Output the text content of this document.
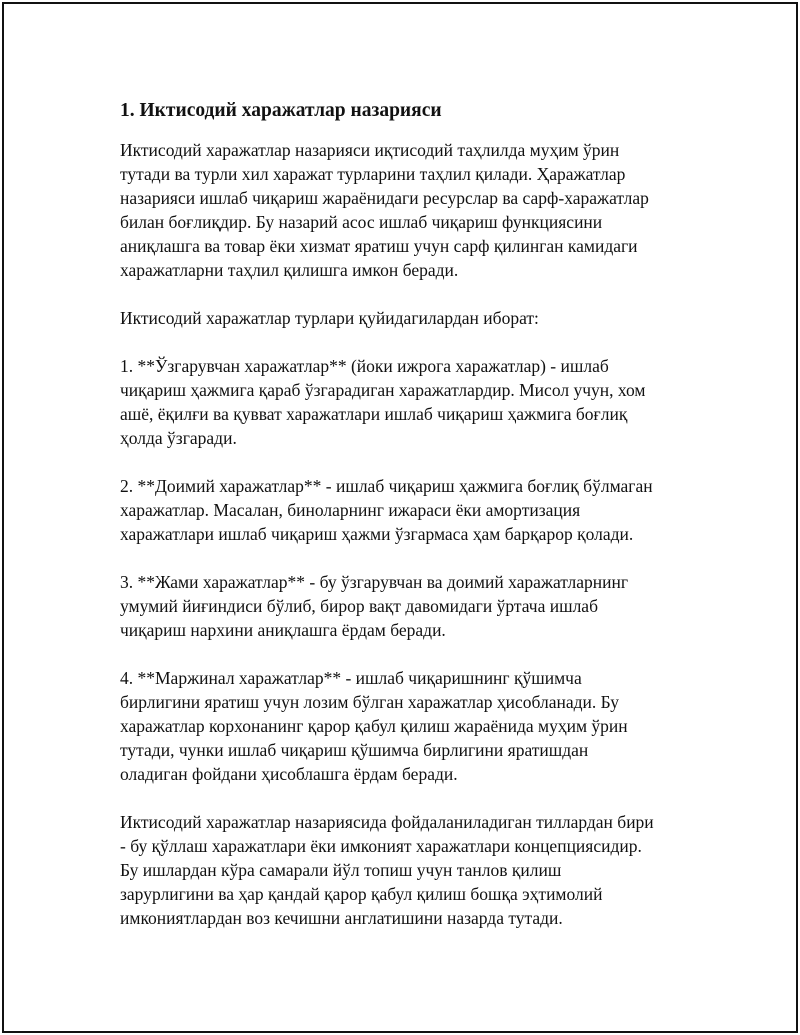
1. Иктисодий харажатлар назарияси

Иктисодий харажатлар назарияси иқтисодий таҳлилда муҳим ўрин
тутади ва турли хил харажат турларини таҳлил қилади. Ҳаражатлар
назарияси ишлаб чиқариш жараёнидаги ресурслар ва сарф-харажатлар
билан боғлиқдир. Бу назарий асос ишлаб чиқариш функциясини
аниқлашга ва товар ёки хизмат яратиш учун сарф қилинган камидаги
харажатларни таҳлил қилишга имкон беради.

Иктисодий харажатлар турлари қуйидагилардан иборат:

1. **Ўзгарувчан харажатлар** (йоки ижрога харажатлар) - ишлаб
чиқариш ҳажмига қараб ўзгарадиган харажатлардир. Мисол учун, хом
ашё, ёқилғи ва қувват харажатлари ишлаб чиқариш ҳажмига боғлиқ
ҳолда ўзгаради.

2. **Доимий харажатлар** - ишлаб чиқариш ҳажмига боғлиқ бўлмаган
харажатлар. Масалан, биноларнинг ижараси ёки амортизация
харажатлари ишлаб чиқариш ҳажми ўзгармаса ҳам барқарор қолади.

3. **Жами харажатлар** - бу ўзгарувчан ва доимий харажатларнинг
умумий йиғиндиси бўлиб, бирор вақт давомидаги ўртача ишлаб
чиқариш нархини аниқлашга ёрдам беради.

4. **Маржинал харажатлар** - ишлаб чиқаришнинг қўшимча
бирлигини яратиш учун лозим бўлган харажатлар ҳисобланади. Бу
харажатлар корхонанинг қарор қабул қилиш жараёнида муҳим ўрин
тутади, чунки ишлаб чиқариш қўшимча бирлигини яратишдан
оладиган фойдани ҳисоблашга ёрдам беради.

Иктисодий харажатлар назариясида фойдаланиладиган тиллардан бири
- бу қўллаш харажатлари ёки имконият харажатлари концепциясидир.
Бу ишлардан кўра самарали йўл топиш учун танлов қилиш
зарурлигини ва ҳар қандай қарор қабул қилиш бошқа эҳтимолий
имкониятлардан воз кечишни англатишини назарда тутади.
